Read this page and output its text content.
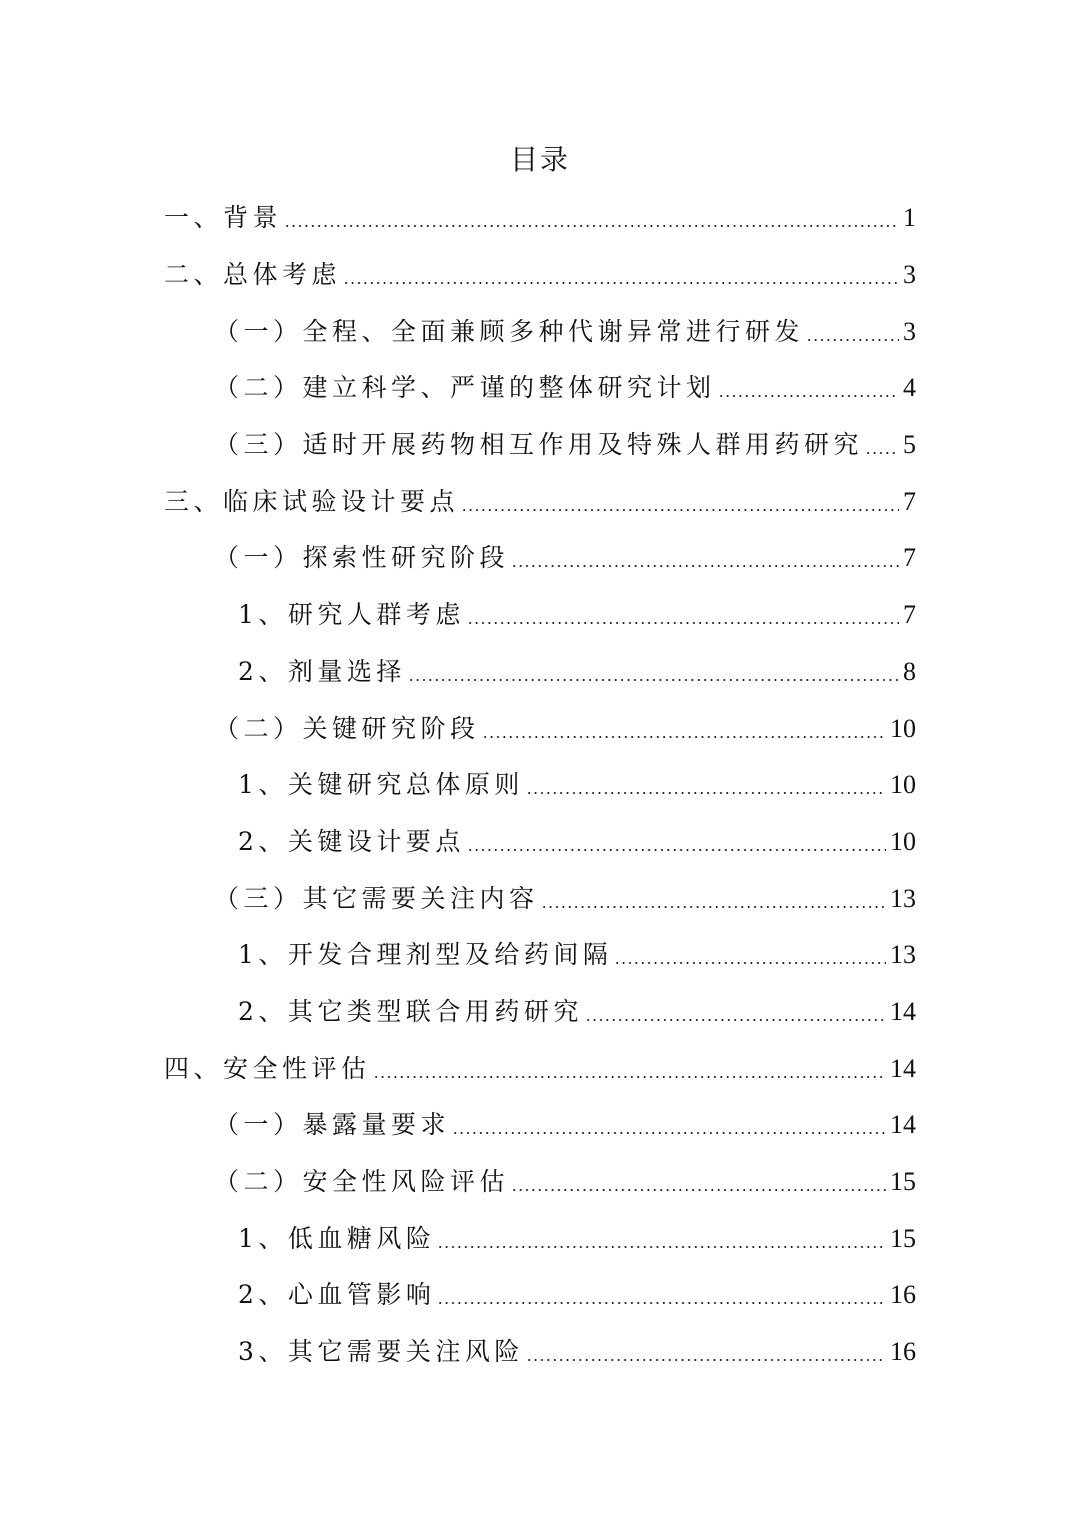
目录
一、背景	1
二、总体考虑	3
（一）全程、全面兼顾多种代谢异常进行研发	3
（二）建立科学、严谨的整体研究计划	4
（三）适时开展药物相互作用及特殊人群用药研究 5
三、临床试验设计要点	7
（一）探索性研究阶段	7
1、研究人群考虑	7
2、剂量选择	8
（二）关键研究阶段	10
1、关键研究总体原则	10
2、关键设计要点	10
（三）其它需要关注内容	13
1、开发合理剂型及给药间隔	13
2、其它类型联合用药研究	14
四、安全性评估	14
（一）暴露量要求	14
（二）安全性风险评估	15
1、低血糖风险	15
2、心血管影响	16
3、其它需要关注风险	16
